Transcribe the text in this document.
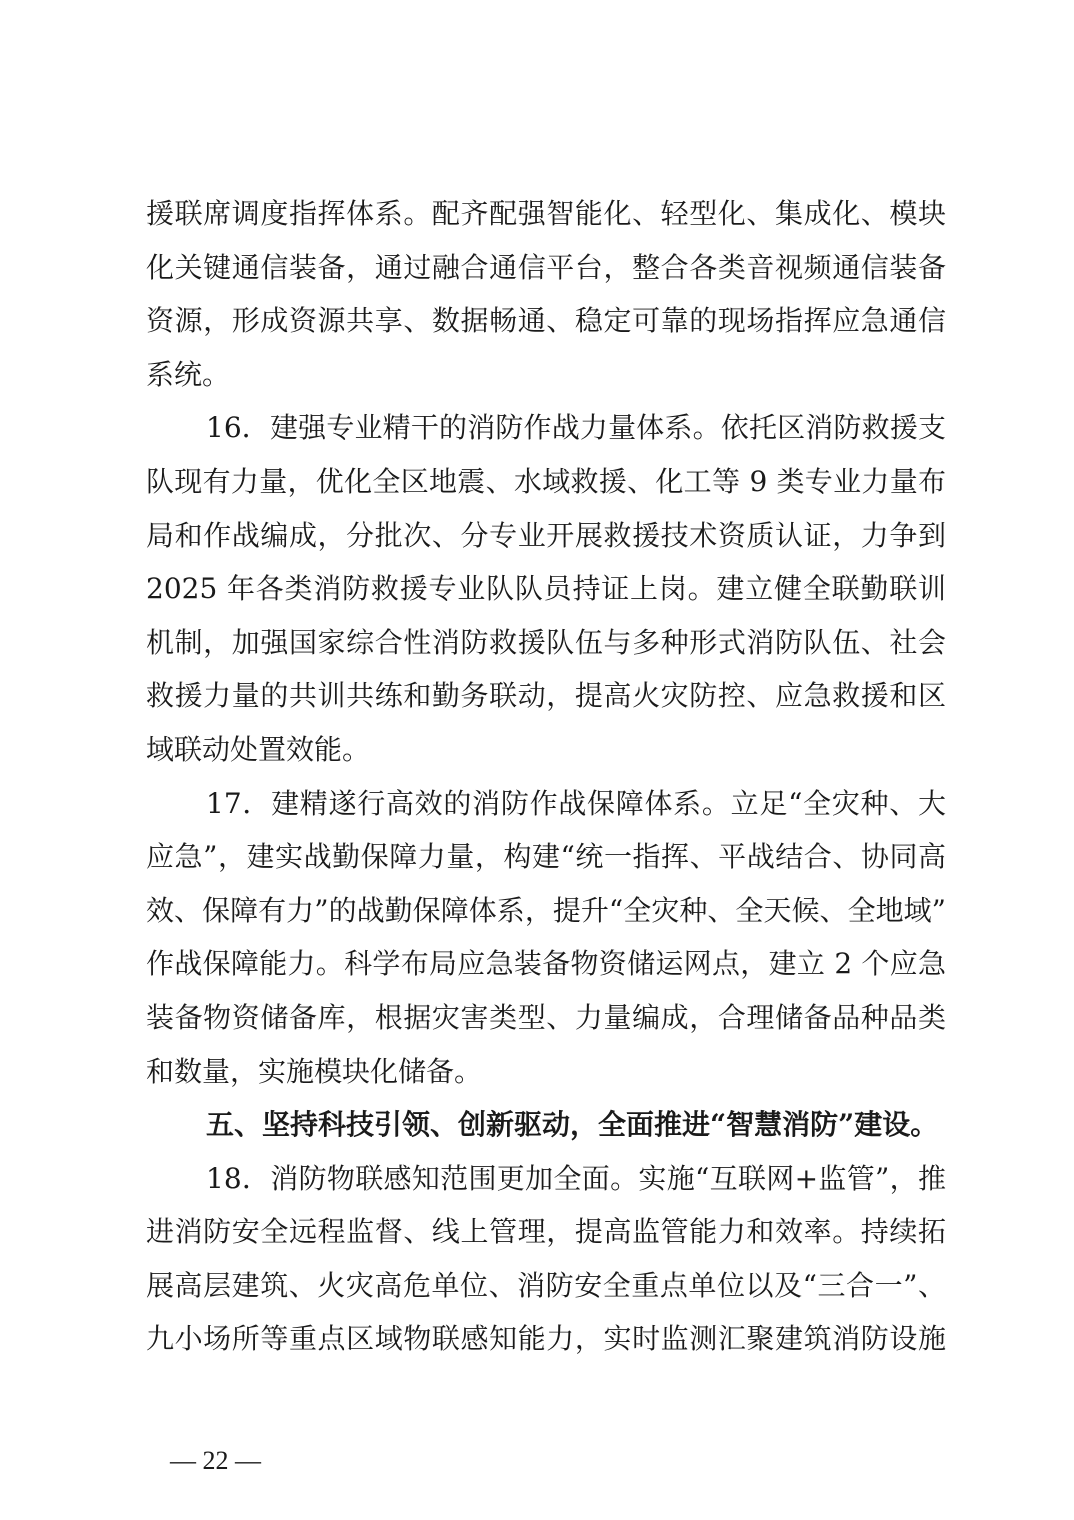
援联席调度指挥体系。配齐配强智能化、轻型化、集成化、模块
化关键通信装备，通过融合通信平台，整合各类音视频通信装备
资源，形成资源共享、数据畅通、稳定可靠的现场指挥应急通信
系统。
16．建强专业精干的消防作战力量体系。依托区消防救援支
队现有力量，优化全区地震、水域救援、化工等 9 类专业力量布
局和作战编成，分批次、分专业开展救援技术资质认证，力争到
2025 年各类消防救援专业队队员持证上岗。建立健全联勤联训
机制，加强国家综合性消防救援队伍与多种形式消防队伍、社会
救援力量的共训共练和勤务联动，提高火灾防控、应急救援和区
域联动处置效能。
17．建精遂行高效的消防作战保障体系。立足“全灾种、大
应急”，建实战勤保障力量，构建“统一指挥、平战结合、协同高
效、保障有力”的战勤保障体系，提升“全灾种、全天候、全地域”
作战保障能力。科学布局应急装备物资储运网点，建立 2 个应急
装备物资储备库，根据灾害类型、力量编成，合理储备品种品类
和数量，实施模块化储备。
五、坚持科技引领、创新驱动，全面推进“智慧消防”建设。
18．消防物联感知范围更加全面。实施“互联网+监管”，推
进消防安全远程监督、线上管理，提高监管能力和效率。持续拓
展高层建筑、火灾高危单位、消防安全重点单位以及“三合一”、
九小场所等重点区域物联感知能力，实时监测汇聚建筑消防设施
— 22 —
